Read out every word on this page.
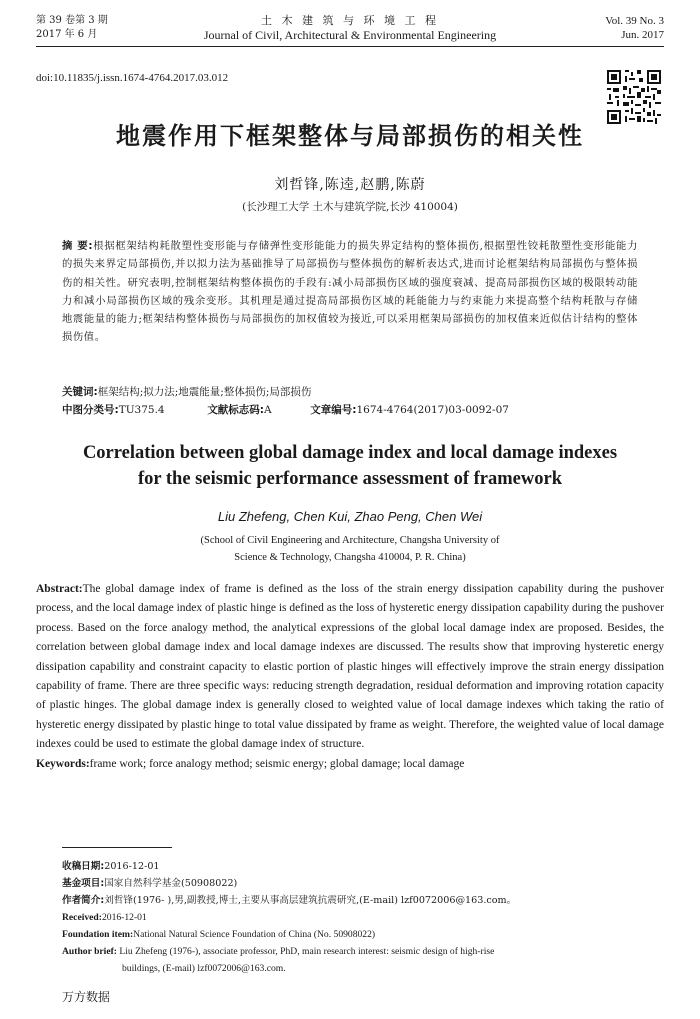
第 39 卷第 3 期
2017 年 6 月
土 木 建 筑 与 环 境 工 程
Journal of Civil, Architectural & Environmental Engineering
Vol. 39 No. 3
Jun. 2017
doi:10.11835/j.issn.1674-4764.2017.03.012
地震作用下框架整体与局部损伤的相关性
刘哲锋,陈逵,赵鹏,陈蔚
(长沙理工大学 土木与建筑学院,长沙 410004)
摘 要:根据框架结构耗散塑性变形能与存储弹性变形能能力的损失界定结构的整体损伤,根据塑性铰耗散塑性变形能能力的损失来界定局部损伤,并以拟力法为基础推导了局部损伤与整体损伤的解析表达式,进而讨论框架结构局部损伤与整体损伤的相关性。研究表明,控制框架结构整体损伤的手段有:减小局部损伤区域的强度衰减、提高局部损伤区域的极限转动能力和减小局部损伤区域的残余变形。其机理是通过提高局部损伤区域的耗能能力与约束能力来提高整个结构耗散与存储地震能量的能力;框架结构整体损伤与局部损伤的加权值较为接近,可以采用框架局部损伤的加权值来近似估计结构的整体损伤值。
关键词:框架结构;拟力法;地震能量;整体损伤;局部损伤
中图分类号:TU375.4	文献标志码:A	文章编号:1674-4764(2017)03-0092-07
Correlation between global damage index and local damage indexes
for the seismic performance assessment of framework
Liu Zhefeng, Chen Kui, Zhao Peng, Chen Wei
(School of Civil Engineering and Architecture, Changsha University of
Science & Technology, Changsha 410004, P. R. China)
Abstract:The global damage index of frame is defined as the loss of the strain energy dissipation capability during the pushover process, and the local damage index of plastic hinge is defined as the loss of hysteretic energy dissipation capability during the pushover process. Based on the force analogy method, the analytical expressions of the global local damage index are proposed. Besides, the correlation between global damage index and local damage indexes are discussed. The results show that improving hysteretic energy dissipation capability and constraint capacity to elastic portion of plastic hinges will effectively improve the strain energy dissipation capability of frame. There are three specific ways: reducing strength degradation, residual deformation and improving rotation capacity of plastic hinges. The global damage index is generally closed to weighted value of local damage indexes which taking the ratio of hysteretic energy dissipated by plastic hinge to total value dissipated by frame as weight. Therefore, the weighted value of local damage indexes could be used to estimate the global damage index of structure.
Keywords:frame work; force analogy method; seismic energy; global damage; local damage
收稿日期:2016-12-01
基金项目:国家自然科学基金(50908022)
作者简介:刘哲锋(1976- ),男,副教授,博士,主要从事高层建筑抗震研究,(E-mail) lzf0072006@163.com。
Received:2016-12-01
Foundation item:National Natural Science Foundation of China (No. 50908022)
Author brief: Liu Zhefeng (1976-), associate professor, PhD, main research interest: seismic design of high-rise
buildings, (E-mail) lzf0072006@163.com.
万方数据
